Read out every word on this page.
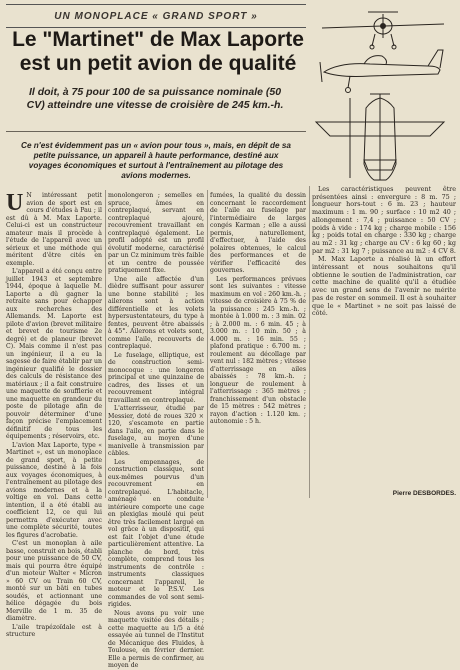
UN MONOPLACE « GRAND SPORT »
Le "Martinet" de Max Laporte
est un petit avion de qualité
Il doit, à 75 pour 100 de sa puissance nominale (50 CV) atteindre une vitesse de croisière de 245 km.-h.
Ce n'est évidemment pas un « avion pour tous », mais, en dépit de sa petite puissance, un appareil à haute performance, destiné aux voyages économiques et surtout à l'entraînement au pilotage des avions modernes.

U N intéressant petit avion de sport est en cours d'études à Pau ; il est dû à M. Max Laporte. Celui-ci est un constructeur amateur mais il procède à l'étude de l'appareil avec un sérieux et une méthode qui méritent d'être cités en exemple.

L'appareil a été conçu entre juillet 1943 et septembre 1944, époque à laquelle M. Laporte a dû gagner la retraite sans pour échapper aux recherches des Allemands. M. Laporte est pilote d'avion (brevet militaire et brevet de tourisme 2e degré) et de planeur (brevet C). Mais comme il n'est pas un ingénieur, il a eu la sagesse de faire établir par un ingénieur qualifié le dossier des calculs de résistance des matériaux ; il a fait construire une maquette de soufflerie et une maquette en grandeur du poste de pilotage afin de pouvoir déterminer d'une façon précise l'emplacement définitif de tous les équipements ; réservoirs, etc.

L'avion Max Laporte, type « Martinet », est un monoplace de grand sport, à petite puissance, destiné à la fois aux voyages économiques, à l'entraînement au pilotage des avions modernes et à la voltige en vol. Dans cette intention, il a été établi au coefficient 12, ce qui lui permettra d'exécuter avec une complète sécurité, toutes les figures d'acrobatie.

C'est un monoplan à aile basse, construit en bois, établi pour une puissance de 50 CV, mais qui pourra être équipé d'un moteur Walter « Micron » 60 CV ou Train 60 CV, monté sur un bâti en tubes soudés, et actionnant une hélice dégagée du bois Merville de 1 m. 35 de diamètre.

L'aile trapézoïdale est à structure

monolongeron ; semelles en spruce, âmes en contreplaqué, servant en contreplaqué ajouré, recouvrement travaillant en contreplaqué également. Le profil adopté est un profil évolutif moderne, caractérisé par un Cz minimum très faible et un centre de poussée pratiquement fixe.

Une aile affectée d'un dièdre suffisant pour assurer une bonne stabilité ; les ailerons sont à action différentielle et les volets hypersustentateurs, du type à fentes, peuvent être abaissés à 45°. Ailerons et volets sont, comme l'aile, recouverts de contreplaqué.

Le fuselage, elliptique, est de construction semi-monocoque : une longeron principal et une quinzaine de cadres, des lisses et un recouvrement intégral travaillant en contreplaqué.

L'atterrisseur, étudié par Messier, doté de roues 320 × 120, s'escamote en partie dans l'aile, en partie dans le fuselage, au moyen d'une manivelle à transmission par câbles.

Les empennages, de construction classique, sont eux-mêmes pourvus d'un recouvrement en contreplaqué. L'habitacle, aménagé en conduite intérieure comporte une cage en plexiglas moulé qui peut être très facilement largué en vol grâce à un dispositif, qui est fait l'objet d'une étude particulièrement attentive. La planche de bord, très complète, comprend tous les instruments de contrôle : instruments classiques concernant l'appareil, le moteur et le P.S.V. Les commandes de vol sont semi-rigides.

Nous avons pu voir une maquette visitée des détails ; cette maquette au 1/5 a été essayée au tunnel de l'Institut de Mécanique des Fluides, à Toulouse, en février dernier. Elle a permis de confirmer, au moyen de

fumées, la qualité du dessin concernant le raccordement de l'aile au fuselage par l'intermédiaire de larges congés Karman ; elle a aussi permis, naturellement, d'effectuer, à l'aide des polaires obtenues, le calcul des performances et de vérifier l'efficacité des gouvernes.

Les performances prévues sont les suivantes : vitesse maximum en vol : 260 km.-h. ; vitesse de croisière à 75 % de la puissance : 245 km.-h. ; montée à 1.000 m. : 3 min. 02 ; à 2.000 m. : 6 min. 45 ; à 3.000 m. : 10 min. 50 ; à 4.000 m. : 16 min. 55 ; plafond pratique : 6.700 m. ; roulement au décollage par vent nul : 182 mètres ; vitesse d'atterrissage en ailes abaissés : 78 km.-h. ; longueur de roulement à l'atterrissage : 365 mètres ; franchissement d'un obstacle de 15 mètres : 542 mètres ; rayon d'action : 1.120 km. ; autonomie : 5 h.

Les caractéristiques peuvent être présentées ainsi : envergure : 8 m. 75 ; longueur hors-tout : 6 m. 23 ; hauteur maximum : 1 m. 90 ; surface : 10 m2 40 ; allongement : 7,4 ; puissance : 50 CV ; poids à vide : 174 kg ; charge mobile : 156 kg ; poids total en charge : 330 kg ; charge au m2 : 31 kg ; charge au CV : 6 kg 60 ; kg par m2 : 31 kg 7 ; puissance au m2 : 4 CV 8.

M. Max Laporte a réalisé là un effort intéressant et nous souhaitons qu'il obtienne le soutien de l'administration, car cette machine de qualité qu'il a étudiée avec un grand sens de l'avenir ne mérite pas de rester en sommeil. Il est à souhaiter que le « Martinet » ne soit pas laissé de côté.

Pierre DESBORDES.
